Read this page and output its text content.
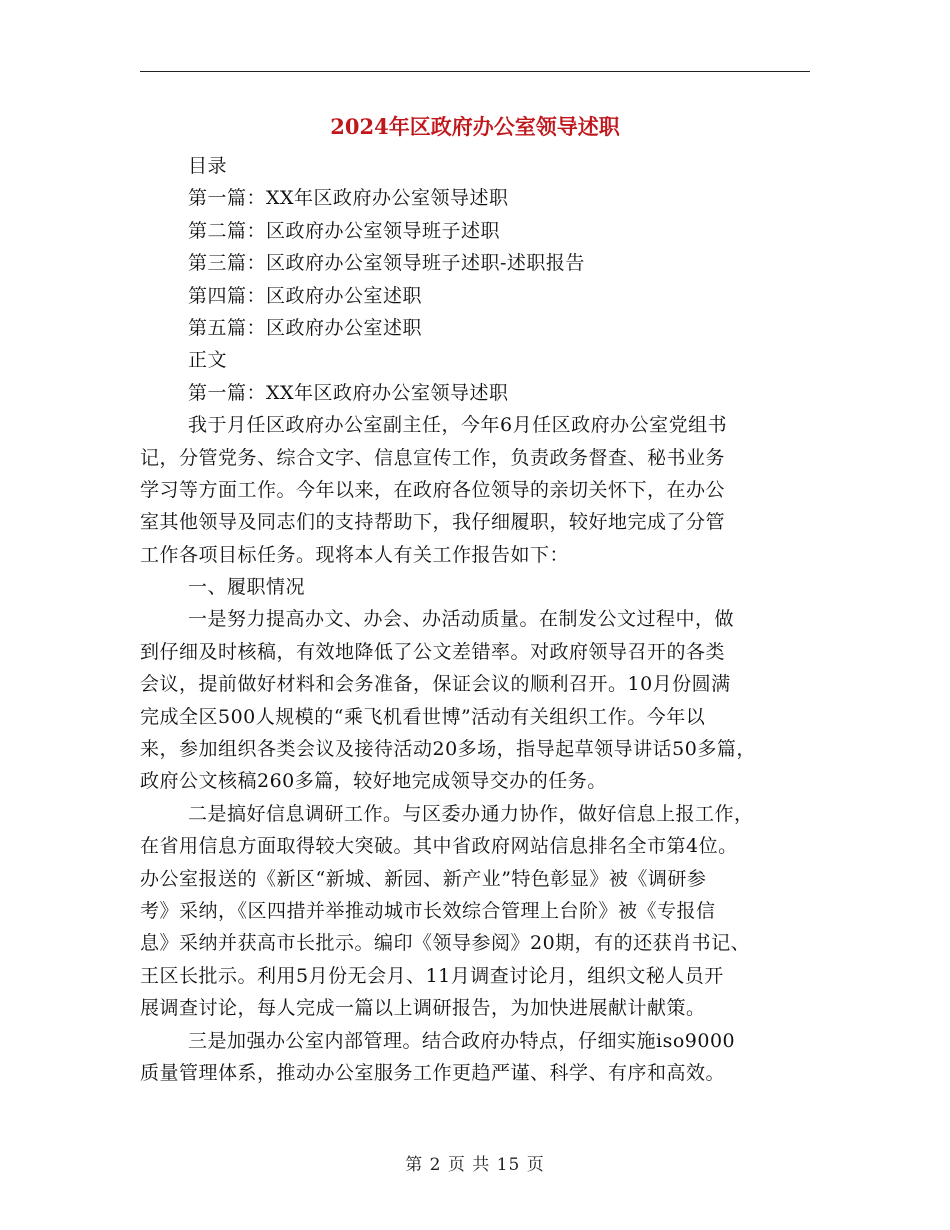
2024年区政府办公室领导述职
目录
第一篇：XX年区政府办公室领导述职
第二篇：区政府办公室领导班子述职
第三篇：区政府办公室领导班子述职-述职报告
第四篇：区政府办公室述职
第五篇：区政府办公室述职
正文
第一篇：XX年区政府办公室领导述职
我于月任区政府办公室副主任，今年6月任区政府办公室党组书
记，分管党务、综合文字、信息宣传工作，负责政务督查、秘书业务
学习等方面工作。今年以来，在政府各位领导的亲切关怀下，在办公
室其他领导及同志们的支持帮助下，我仔细履职，较好地完成了分管
工作各项目标任务。现将本人有关工作报告如下：
一、履职情况
一是努力提高办文、办会、办活动质量。在制发公文过程中，做
到仔细及时核稿，有效地降低了公文差错率。对政府领导召开的各类
会议，提前做好材料和会务准备，保证会议的顺利召开。10月份圆满
完成全区500人规模的“乘飞机看世博”活动有关组织工作。今年以
来，参加组织各类会议及接待活动20多场，指导起草领导讲话50多篇，
政府公文核稿260多篇，较好地完成领导交办的任务。
二是搞好信息调研工作。与区委办通力协作，做好信息上报工作，
在省用信息方面取得较大突破。其中省政府网站信息排名全市第4位。
办公室报送的《新区“新城、新园、新产业”特色彰显》被《调研参
考》采纳，《区四措并举推动城市长效综合管理上台阶》被《专报信
息》采纳并获高市长批示。编印《领导参阅》20期，有的还获肖书记、
王区长批示。利用5月份无会月、11月调查讨论月，组织文秘人员开
展调查讨论，每人完成一篇以上调研报告，为加快进展献计献策。
三是加强办公室内部管理。结合政府办特点，仔细实施iso9000
质量管理体系，推动办公室服务工作更趋严谨、科学、有序和高效。
第 2 页 共 15 页
